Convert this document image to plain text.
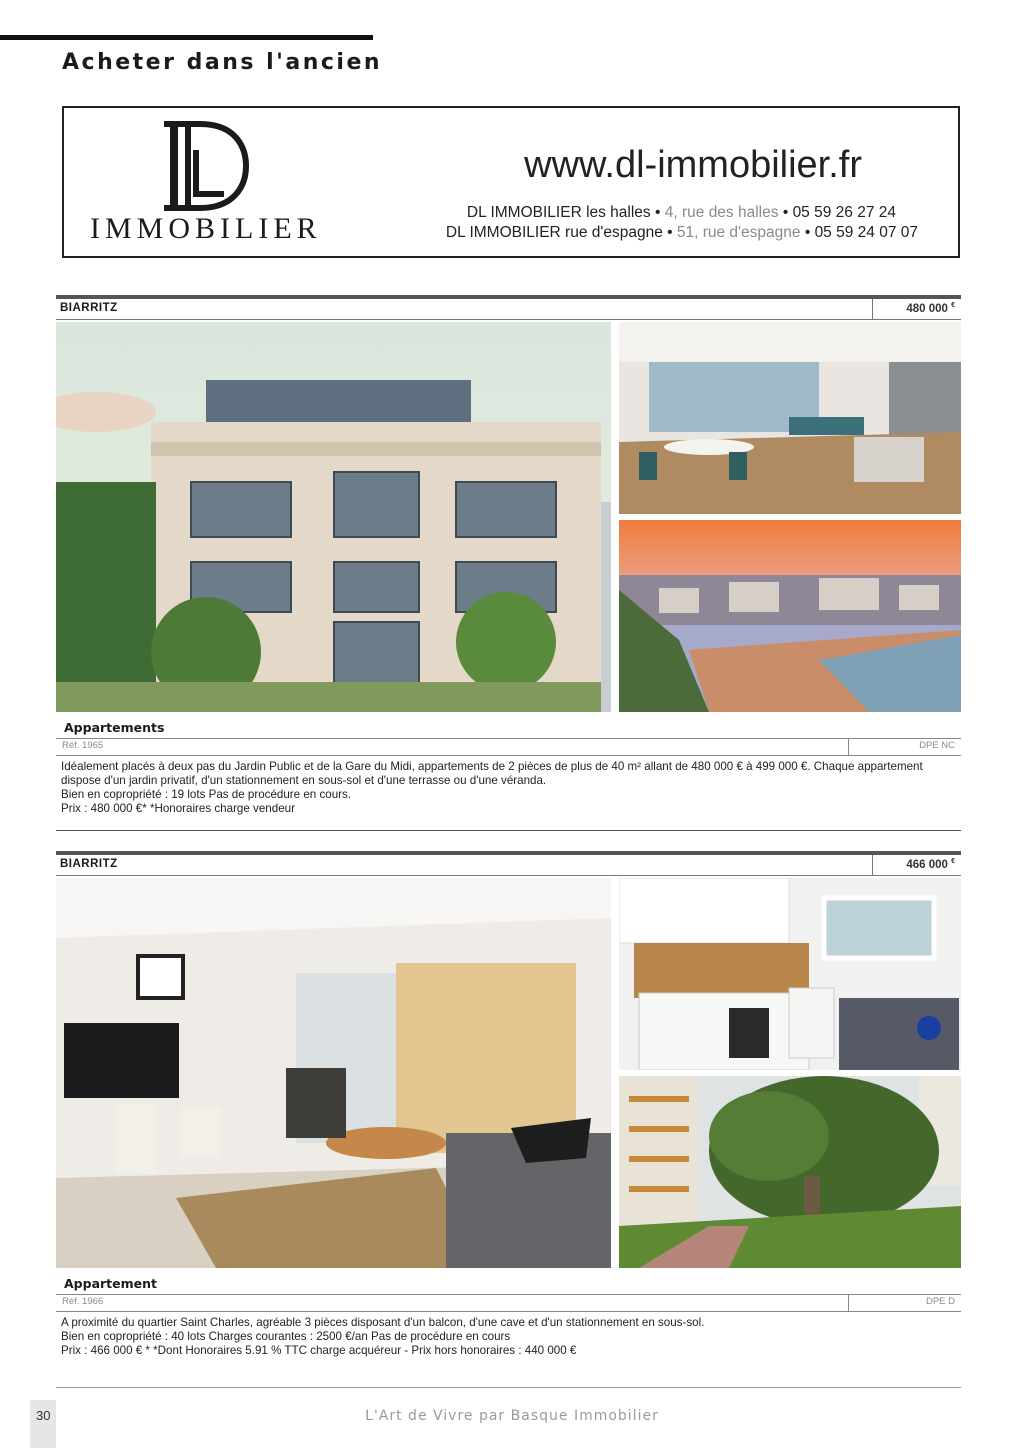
Acheter dans l'ancien
IMMOBILIER
www.dl-immobilier.fr
DL IMMOBILIER les halles • 4, rue des halles • 05 59 26 27 24
DL IMMOBILIER rue d'espagne • 51, rue d'espagne • 05 59 24 07 07
BIARRITZ	480 000 €
Appartements
Réf. 1965	DPE NC

Idéalement placés à deux pas du Jardin Public et de la Gare du Midi, appartements de 2 pièces de plus de 40 m² allant de 480 000 € à 499 000 €. Chaque appartement dispose d'un jardin privatif, d'un stationnement en sous-sol et d'une terrasse ou d'une véranda.

Bien en copropriété : 19 lots Pas de procédure en cours.

Prix : 480 000 €* *Honoraires charge vendeur

BIARRITZ	466 000 €
Appartement
Réf. 1966	DPE D

A proximité du quartier Saint Charles, agréable 3 pièces disposant d'un balcon, d'une cave et d'un stationnement en sous-sol.

Bien en copropriété : 40 lots Charges courantes : 2500 €/an Pas de procédure en cours

Prix : 466 000 € * *Dont Honoraires 5.91 % TTC charge acquéreur - Prix hors honoraires : 440 000 €

30	L'Art de Vivre par Basque Immobilier
